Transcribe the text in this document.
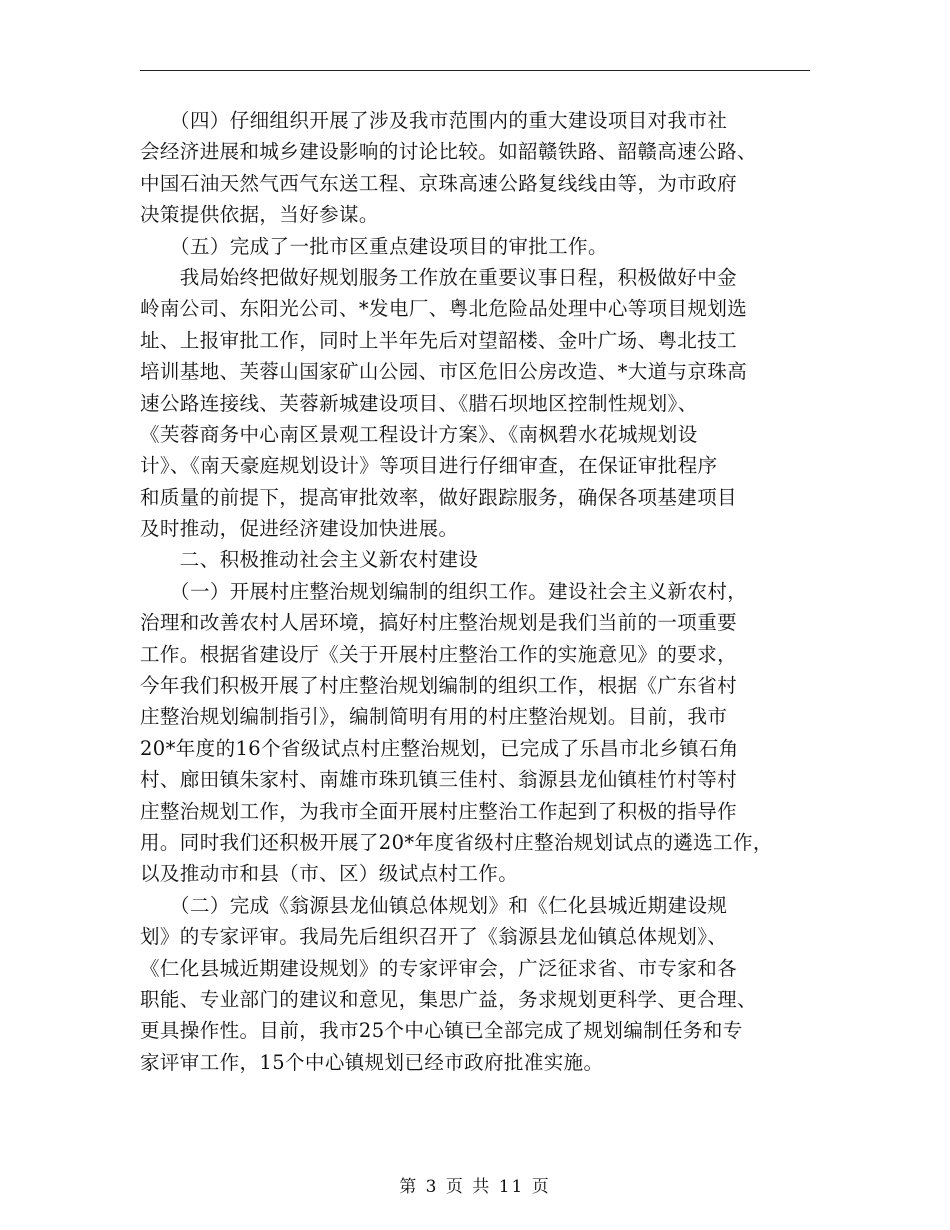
　　（四）仔细组织开展了涉及我市范围内的重大建设项目对我市社
会经济进展和城乡建设影响的讨论比较。如韶赣铁路、韶赣高速公路、
中国石油天然气西气东送工程、京珠高速公路复线线由等，为市政府
决策提供依据，当好参谋。
　　（五）完成了一批市区重点建设项目的审批工作。
　　我局始终把做好规划服务工作放在重要议事日程，积极做好中金
岭南公司、东阳光公司、*发电厂、粤北危险品处理中心等项目规划选
址、上报审批工作，同时上半年先后对望韶楼、金叶广场、粤北技工
培训基地、芙蓉山国家矿山公园、市区危旧公房改造、*大道与京珠高
速公路连接线、芙蓉新城建设项目、《腊石坝地区控制性规划》、
《芙蓉商务中心南区景观工程设计方案》、《南枫碧水花城规划设
计》、《南天豪庭规划设计》等项目进行仔细审查，在保证审批程序
和质量的前提下，提高审批效率，做好跟踪服务，确保各项基建项目
及时推动，促进经济建设加快进展。
　　二、积极推动社会主义新农村建设
　　（一）开展村庄整治规划编制的组织工作。建设社会主义新农村，
治理和改善农村人居环境，搞好村庄整治规划是我们当前的一项重要
工作。根据省建设厅《关于开展村庄整治工作的实施意见》的要求，
今年我们积极开展了村庄整治规划编制的组织工作，根据《广东省村
庄整治规划编制指引》，编制简明有用的村庄整治规划。目前，我市
20*年度的16个省级试点村庄整治规划，已完成了乐昌市北乡镇石角
村、廊田镇朱家村、南雄市珠玑镇三佳村、翁源县龙仙镇桂竹村等村
庄整治规划工作，为我市全面开展村庄整治工作起到了积极的指导作
用。同时我们还积极开展了20*年度省级村庄整治规划试点的遴选工作，
以及推动市和县（市、区）级试点村工作。
　　（二）完成《翁源县龙仙镇总体规划》和《仁化县城近期建设规
划》的专家评审。我局先后组织召开了《翁源县龙仙镇总体规划》、
《仁化县城近期建设规划》的专家评审会，广泛征求省、市专家和各
职能、专业部门的建议和意见，集思广益，务求规划更科学、更合理、
更具操作性。目前，我市25个中心镇已全部完成了规划编制任务和专
家评审工作，15个中心镇规划已经市政府批准实施。
第 3 页 共 11 页
